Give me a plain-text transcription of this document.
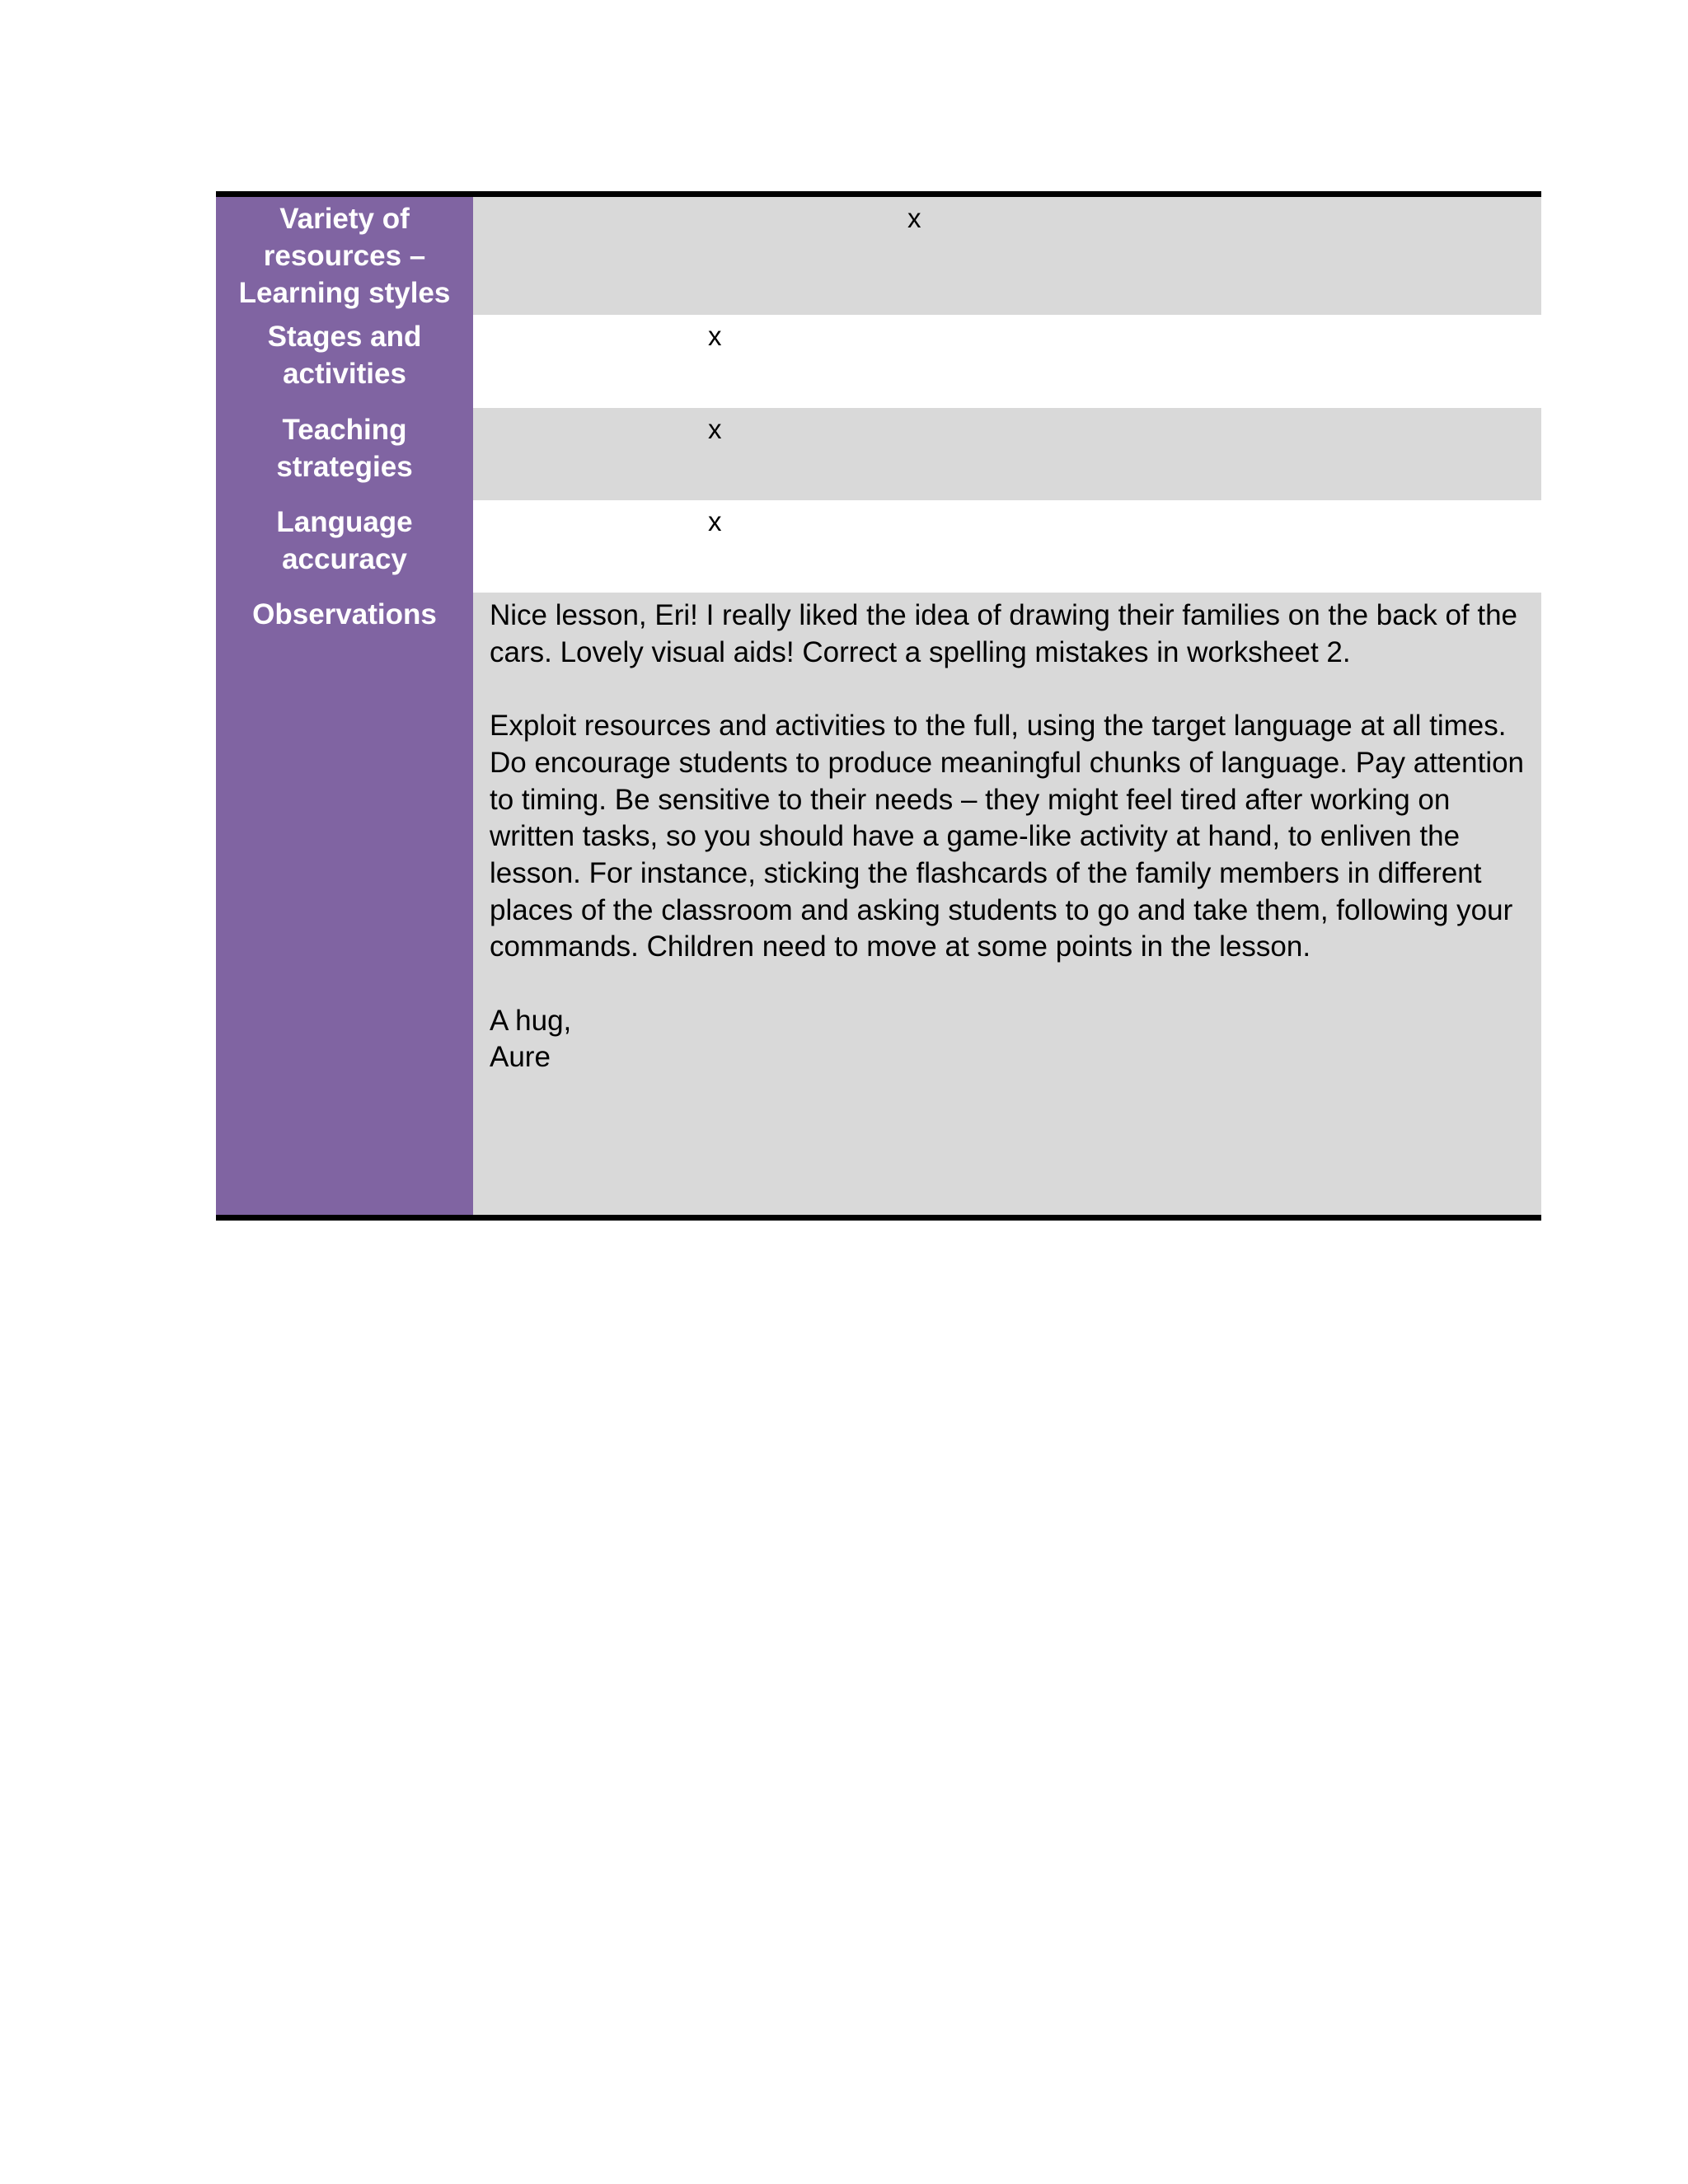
Variety of resources – Learning styles
x
Stages and activities
x
Teaching strategies
x
Language accuracy
x
Observations	Nice lesson, Eri! I really liked the idea of drawing their families on the back of the cars. Lovely visual aids! Correct a spelling mistakes in worksheet 2.

Exploit resources and activities to the full, using the target language at all times. Do encourage students to produce meaningful chunks of language. Pay attention to timing. Be sensitive to their needs – they might feel tired after working on written tasks, so you should have a game-like activity at hand, to enliven the lesson. For instance, sticking the flashcards of the family members in different places of the classroom and asking students to go and take them, following your commands. Children need to move at some points in the lesson.

A hug,

Aure
